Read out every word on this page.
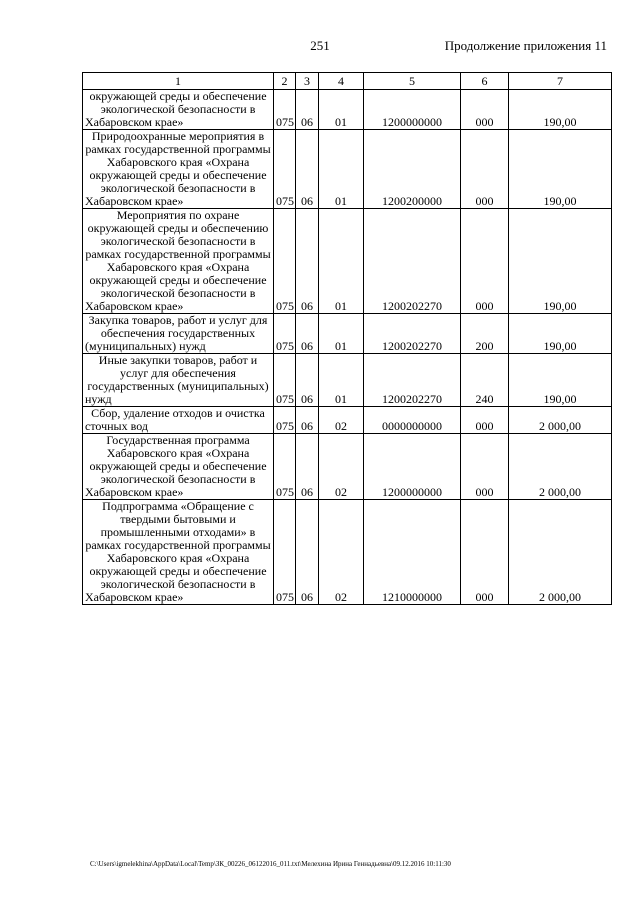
251	Продолжение приложения 11
1	2	3	4	5	6	7
окружающей среды и обеспечение экологической безопасности в Хабаровском крае»	075	06	01	1200000000	000	190,00
Природоохранные мероприятия в рамках государственной программы Хабаровского края «Охрана окружающей среды и обеспечение экологической безопасности в Хабаровском крае»	075	06	01	1200200000	000	190,00
Мероприятия по охране окружающей среды и обеспечению экологической безопасности в рамках государственной программы Хабаровского края «Охрана окружающей среды и обеспечение экологической безопасности в Хабаровском крае»	075	06	01	1200202270	000	190,00
Закупка товаров, работ и услуг для обеспечения государственных (муниципальных) нужд	075	06	01	1200202270	200	190,00
Иные закупки товаров, работ и услуг для обеспечения государственных (муниципальных) нужд	075	06	01	1200202270	240	190,00
Сбор, удаление отходов и очистка сточных вод	075	06	02	0000000000	000	2 000,00
Государственная программа Хабаровского края «Охрана окружающей среды и обеспечение экологической безопасности в Хабаровском крае»	075	06	02	1200000000	000	2 000,00
Подпрограмма «Обращение с твердыми бытовыми и промышленными отходами» в рамках государственной программы Хабаровского края «Охрана окружающей среды и обеспечение экологической безопасности в Хабаровском крае»	075	06	02	1210000000	000	2 000,00
C:\Users\igmelekhina\AppData\Local\Temp\ЗК_00226_06122016_011.txt\Мелехина Ирина Геннадьевна\09.12.2016 10:11:30
